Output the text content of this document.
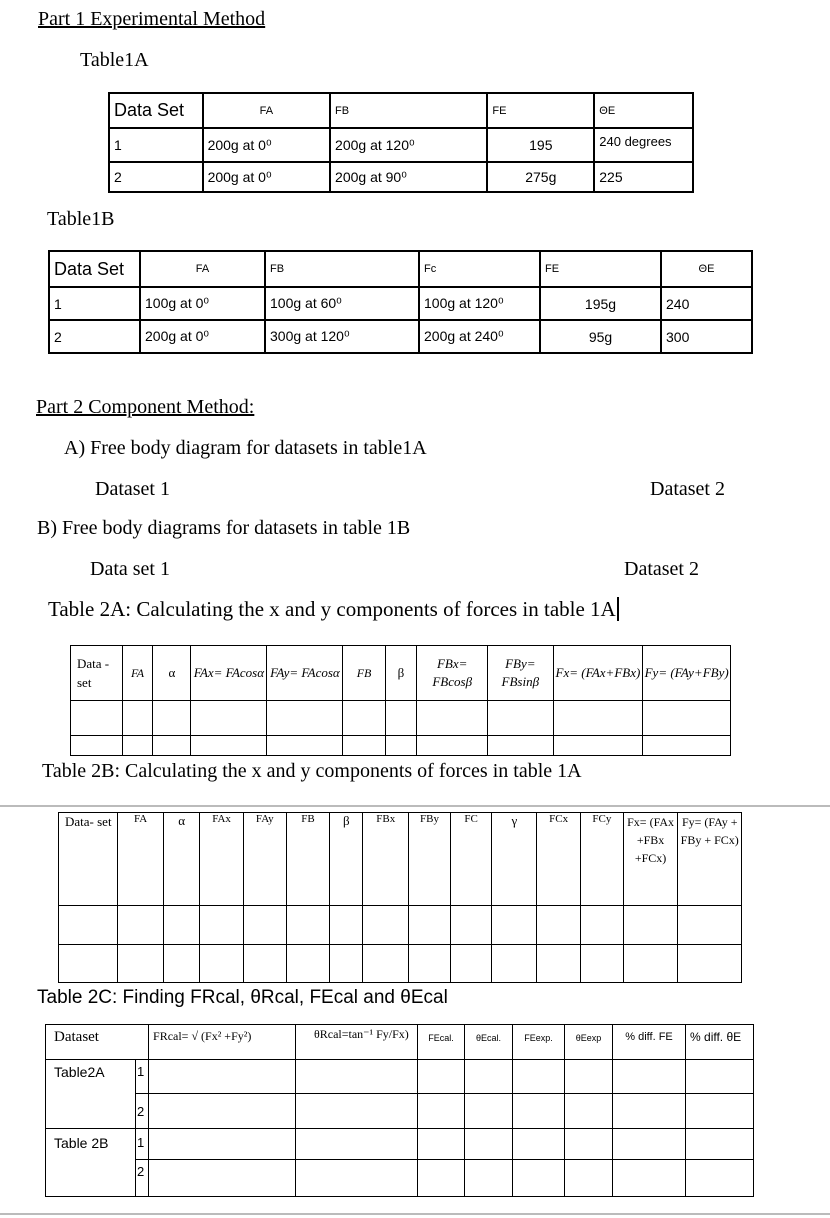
Part 1 Experimental Method
Table1A
Data Set	FA	FB	FE	ΘE
1	200g at 0⁰	200g at 120⁰	195	240 degrees
2	200g at 0⁰	200g at 90⁰	275g	225
Table1B
Data Set	FA	FB	Fc	FE	ΘE
1	100g at 0⁰	100g at 60⁰	100g at 120⁰	195g	240
2	200g at 0⁰	300g at 120⁰	200g at 240⁰	95g	300
Part 2 Component Method:
A) Free body diagram for datasets in table1A
Dataset 1	Dataset 2
B) Free body diagrams for datasets in table 1B
Data set 1	Dataset 2
Table 2A: Calculating the x and y components of forces in table 1A
Data -set	FA	α	FAx= FAcosα	FAy= FAcosα	FB	β	FBx= FBcosβ	FBy= FBsinβ	Fx= (FAx+FBx)	Fy= (FAy+FBy)

Table 2B: Calculating the x and y components of forces in table 1A
Data- set	FA	α	FAx	FAy	FB	β	FBx	FBy	FC	γ	FCx	FCy	Fx= (FAx +FBx +FCx)	Fy= (FAy + FBy + FCx)

Table 2C: Finding FRcal, θRcal, FEcal and θEcal
Dataset		FRcal= √ (Fx² +Fy²)	θRcal=tan⁻¹ Fy/Fx)	FEcal.	θEcal.	FEexp.	θEexp	% diff. FE	% diff. θE
Table2A	1								
	2								
Table 2B	1								
	2								
